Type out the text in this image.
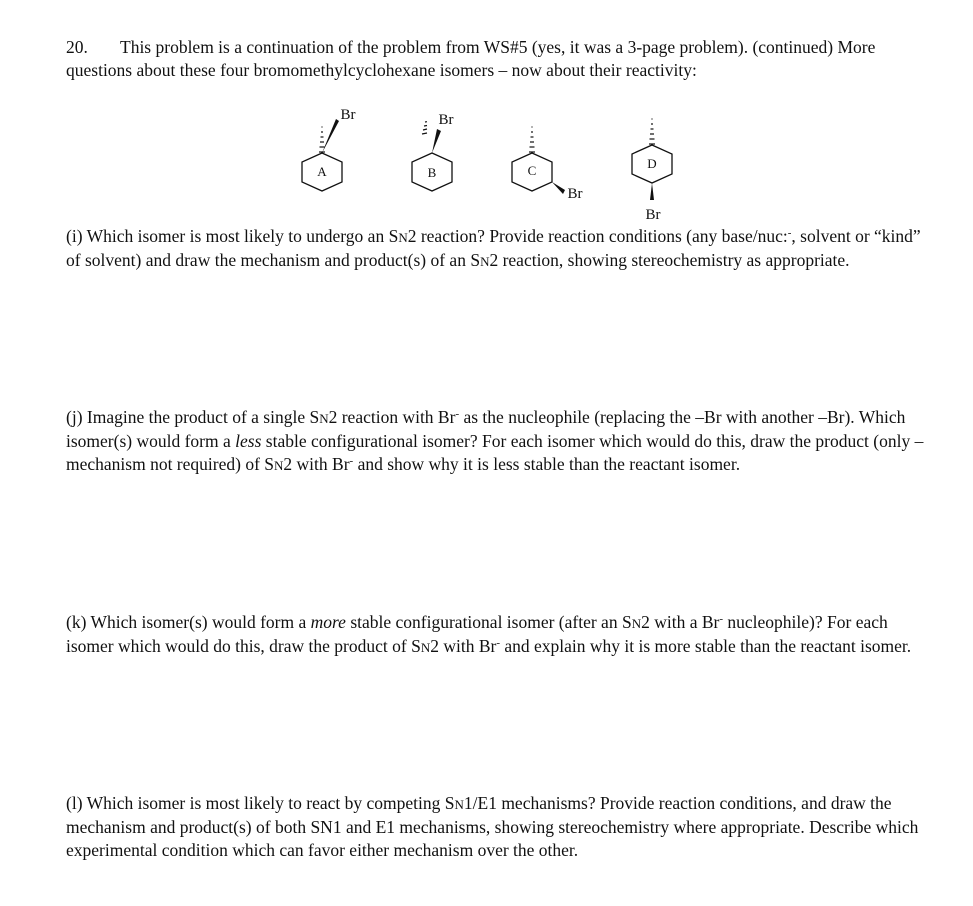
20. This problem is a continuation of the problem from WS#5 (yes, it was a 3-page problem). (continued) More questions about these four bromomethylcyclohexane isomers – now about their reactivity:

Br	Br
Br
Br
A	B	C	D

(i) Which isomer is most likely to undergo an SN2 reaction? Provide reaction conditions (any base/nuc:-, solvent or “kind” of solvent) and draw the mechanism and product(s) of an SN2 reaction, showing stereochemistry as appropriate.

(j) Imagine the product of a single SN2 reaction with Br- as the nucleophile (replacing the –Br with another –Br). Which isomer(s) would form a less stable configurational isomer? For each isomer which would do this, draw the product (only – mechanism not required) of SN2 with Br- and show why it is less stable than the reactant isomer.

(k) Which isomer(s) would form a more stable configurational isomer (after an SN2 with a Br- nucleophile)? For each isomer which would do this, draw the product of SN2 with Br- and explain why it is more stable than the reactant isomer.

(l) Which isomer is most likely to react by competing SN1/E1 mechanisms? Provide reaction conditions, and draw the mechanism and product(s) of both SN1 and E1 mechanisms, showing stereochemistry where appropriate. Describe which experimental condition which can favor either mechanism over the other.
